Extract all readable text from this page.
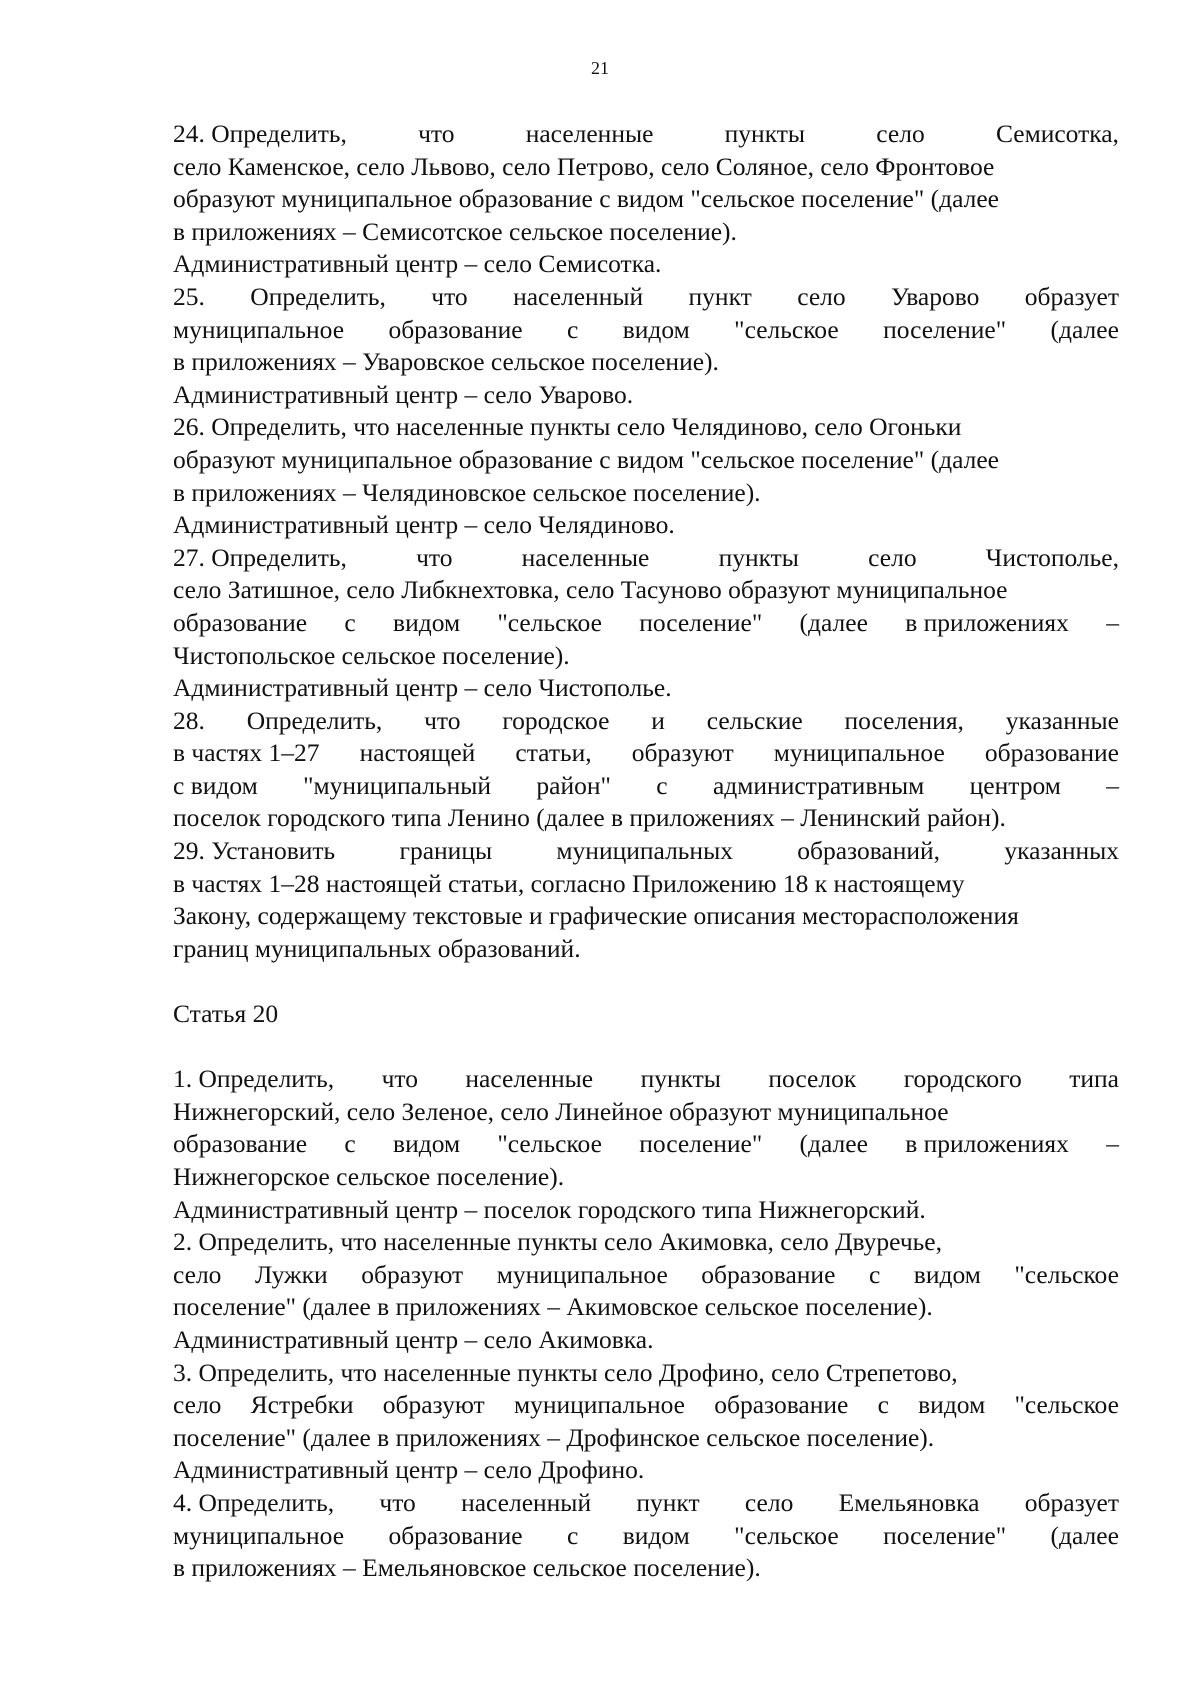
21
24. Определить,	что	населенные	пункты	село	Семисотка,
село Каменское, село Львово, село Петрово, село Соляное, село Фронтовое
образуют муниципальное образование с видом "сельское поселение" (далее
в приложениях – Семисотское сельское поселение).
Административный центр – село Семисотка.
25. Определить, что населенный пункт село Уварово образует
муниципальное образование с видом "сельское поселение" (далее
в приложениях – Уваровское сельское поселение).
Административный центр – село Уварово.
26. Определить, что населенные пункты село Челядиново, село Огоньки
образуют муниципальное образование с видом "сельское поселение" (далее
в приложениях – Челядиновское сельское поселение).
Административный центр – село Челядиново.
27. Определить,	что	населенные	пункты	село	Чистополье,
село Затишное, село Либкнехтовка, село Тасуново образуют муниципальное
образование с видом "сельское поселение" (далее в приложениях –
Чистопольское сельское поселение).
Административный центр – село Чистополье.
28. Определить, что городское и сельские поселения, указанные
в частях 1–27 настоящей статьи, образуют муниципальное образование
с видом "муниципальный район" с административным центром –
поселок городского типа Ленино (далее в приложениях – Ленинский район).
29. Установить	границы	муниципальных	образований,	указанных
в частях 1–28 настоящей статьи, согласно Приложению 18 к настоящему
Закону, содержащему текстовые и графические описания месторасположения
границ муниципальных образований.
Статья 20
1. Определить, что населенные пункты поселок городского типа
Нижнегорский, село Зеленое, село Линейное образуют муниципальное
образование с видом "сельское поселение" (далее в приложениях –
Нижнегорское сельское поселение).
Административный центр – поселок городского типа Нижнегорский.
2. Определить, что населенные пункты село Акимовка, село Двуречье,
село Лужки образуют муниципальное образование с видом "сельское
поселение" (далее в приложениях – Акимовское сельское поселение).
Административный центр – село Акимовка.
3. Определить, что населенные пункты село Дрофино, село Стрепетово,
село Ястребки образуют муниципальное образование с видом "сельское
поселение" (далее в приложениях – Дрофинское сельское поселение).
Административный центр – село Дрофино.
4. Определить, что населенный пункт село Емельяновка образует
муниципальное образование с видом "сельское поселение" (далее
в приложениях – Емельяновское сельское поселение).
